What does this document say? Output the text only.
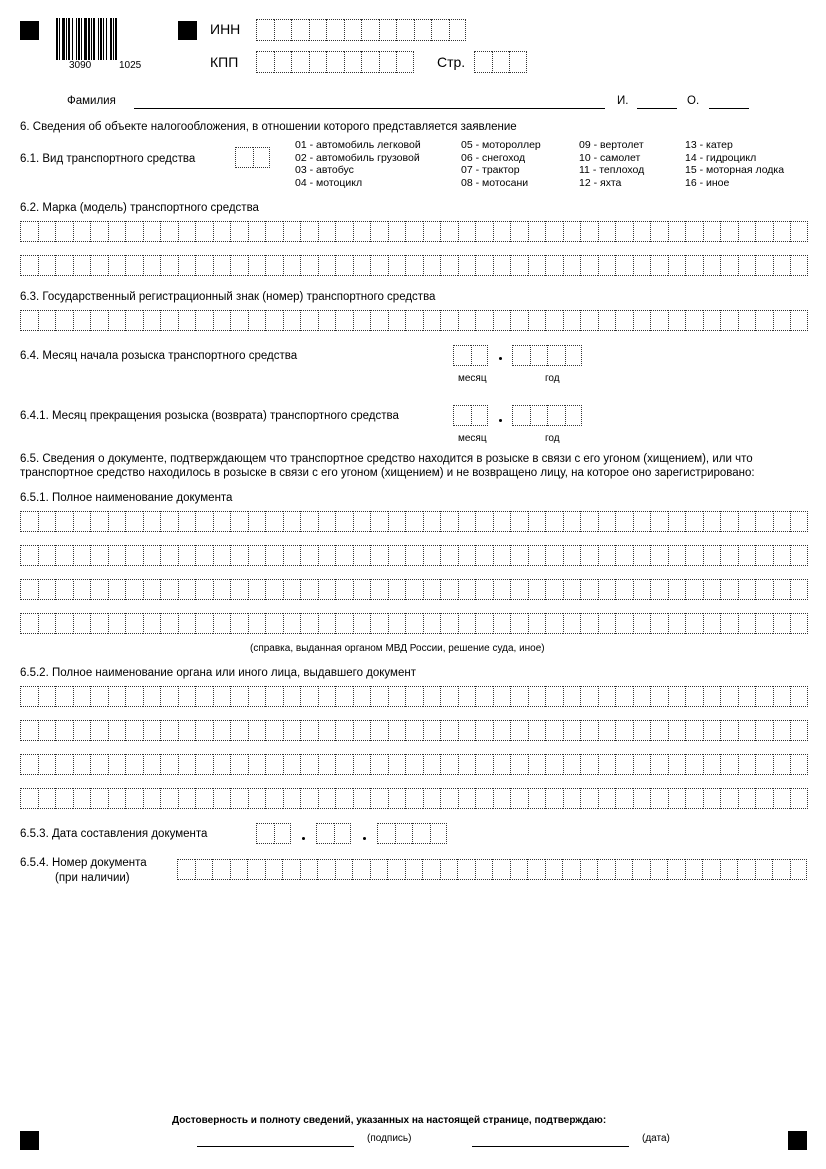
3090	1025
ИНН
КПП	Стр.
Фамилия	И.	О.
6. Сведения об объекте налогообложения, в отношении которого представляется заявление
6.1. Вид транспортного средства
01 - автомобиль легковой
02 - автомобиль грузовой
03 - автобус
04 - мотоцикл
05 - мотороллер
06 - снегоход
07 - трактор
08 - мотосани
09 - вертолет
10 - самолет
11 - теплоход
12 - яхта
13 - катер
14 - гидроцикл
15 - моторная лодка
16 - иное
6.2. Марка (модель) транспортного средства
6.3. Государственный регистрационный знак (номер) транспортного средства
6.4. Месяц начала розыска транспортного средства
месяц	год
6.4.1. Месяц прекращения розыска (возврата) транспортного средства
месяц	год
6.5. Сведения о документе, подтверждающем что транспортное средство находится в розыске в связи с его угоном (хищением), или что
транспортное средство находилось в розыске в связи с его угоном (хищением) и не возвращено лицу, на которое оно зарегистрировано:
6.5.1. Полное наименование документа
(справка, выданная органом МВД России, решение суда, иное)
6.5.2. Полное наименование органа или иного лица, выдавшего документ
6.5.3. Дата составления документа
6.5.4. Номер документа
(при наличии)
Достоверность и полноту сведений, указанных на настоящей странице, подтверждаю:
(подпись)	(дата)
